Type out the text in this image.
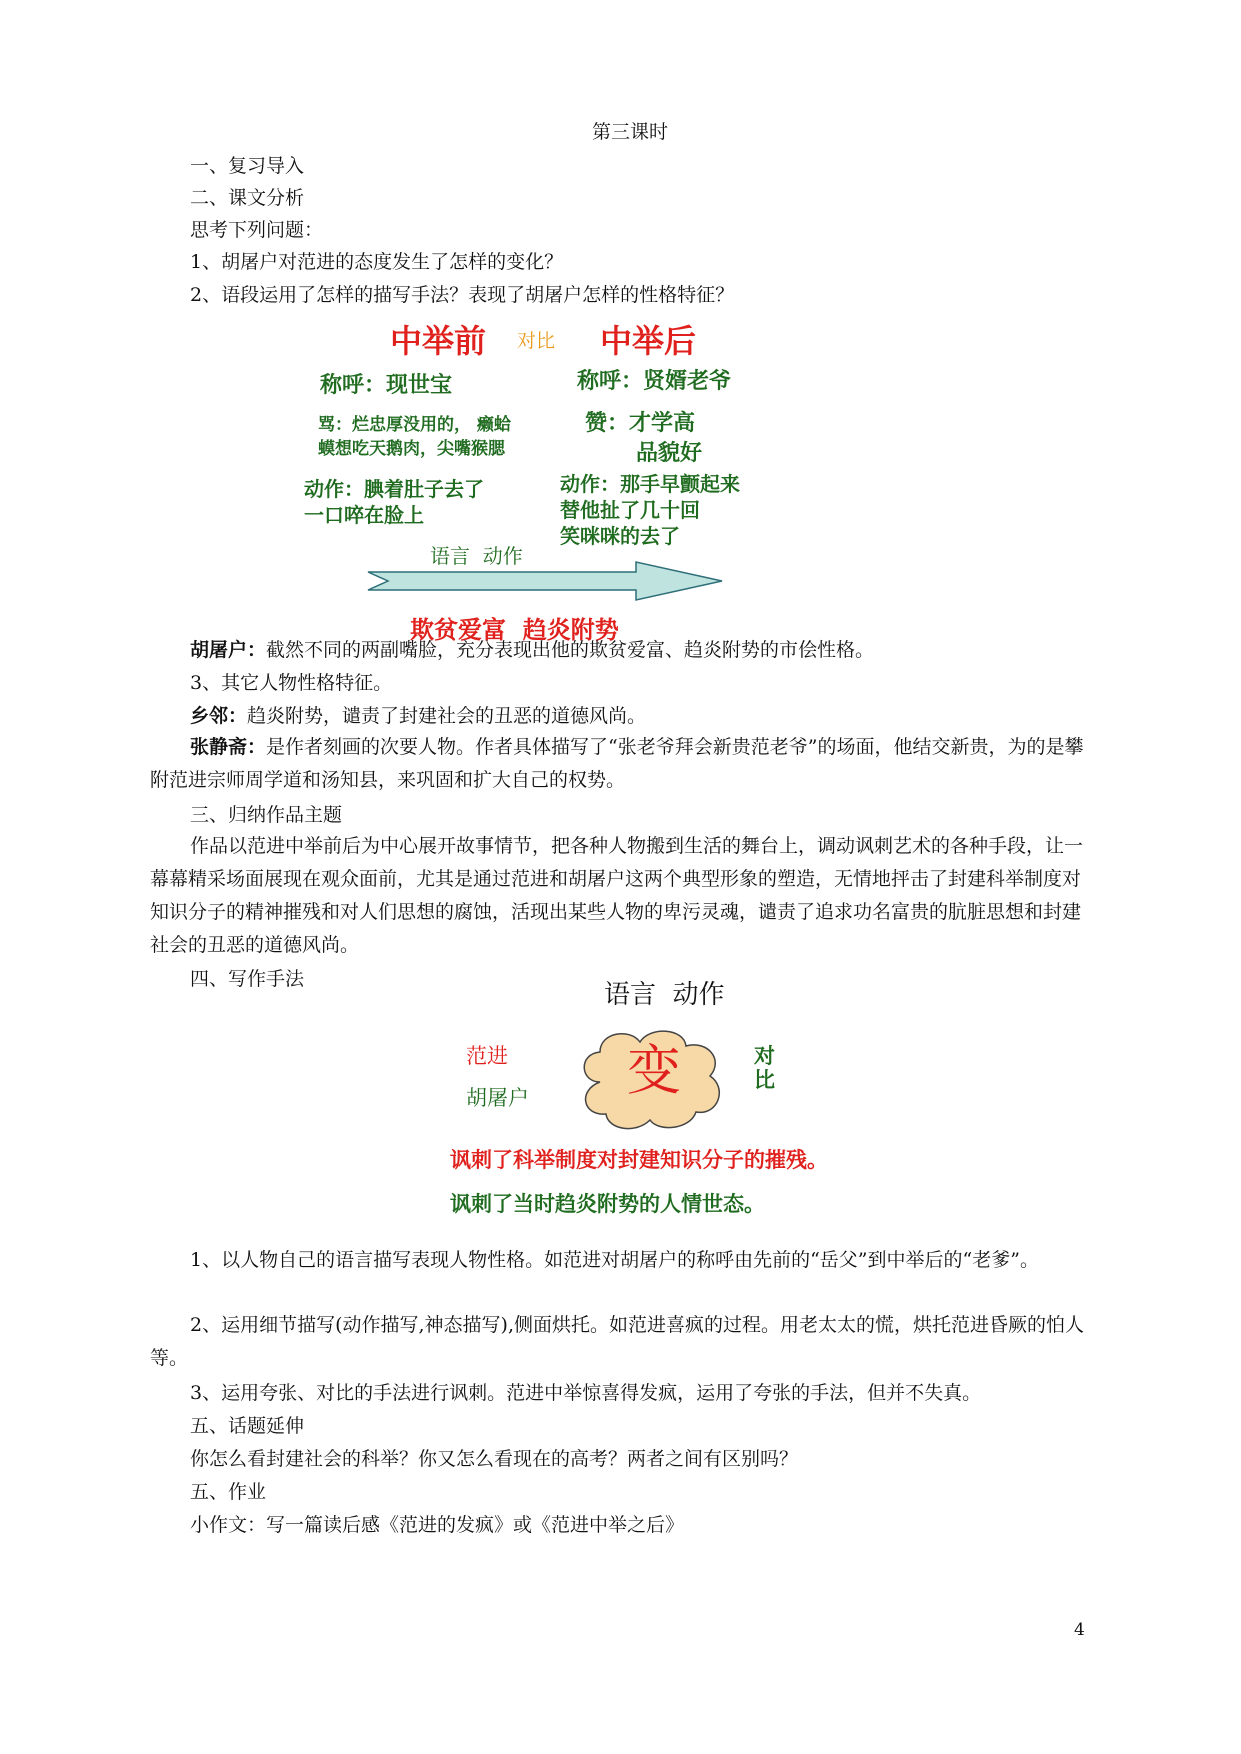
第三课时
一、复习导入
二、课文分析
思考下列问题：
1、胡屠户对范进的态度发生了怎样的变化？
2、语段运用了怎样的描写手法？表现了胡屠户怎样的性格特征？
中举前 对比 中举后
称呼：现世宝	称呼：贤婿老爷
骂：烂忠厚没用的， 癞蛤
蟆想吃天鹅肉，尖嘴猴腮
赞：才学高
品貌好
动作：腆着肚子去了
一口啐在脸上
动作：那手早颤起来
替他扯了几十回
笑咪咪的去了
语言  动作
欺贫爱富  趋炎附势
胡屠户：截然不同的两副嘴脸，充分表现出他的欺贫爱富、趋炎附势的市侩性格。
3、其它人物性格特征。
乡邻：趋炎附势，谴责了封建社会的丑恶的道德风尚。
张静斋：是作者刻画的次要人物。作者具体描写了“张老爷拜会新贵范老爷”的场面，他结交新贵，为的是攀附范进宗师周学道和汤知县，来巩固和扩大自己的权势。
三、归纳作品主题
作品以范进中举前后为中心展开故事情节，把各种人物搬到生活的舞台上，调动讽刺艺术的各种手段，让一幕幕精采场面展现在观众面前，尤其是通过范进和胡屠户这两个典型形象的塑造，无情地抨击了封建科举制度对知识分子的精神摧残和对人们思想的腐蚀，活现出某些人物的卑污灵魂，谴责了追求功名富贵的肮脏思想和封建社会的丑恶的道德风尚。
四、写作手法
语言  动作
范进
胡屠户 变	对
比
讽刺了科举制度对封建知识分子的摧残。
讽刺了当时趋炎附势的人情世态。
1、以人物自己的语言描写表现人物性格。如范进对胡屠户的称呼由先前的“岳父”到中举后的“老爹”。
2、运用细节描写(动作描写,神态描写),侧面烘托。如范进喜疯的过程。用老太太的慌，烘托范进昏厥的怕人等。
3、运用夸张、对比的手法进行讽刺。范进中举惊喜得发疯，运用了夸张的手法，但并不失真。
五、话题延伸
你怎么看封建社会的科举？你又怎么看现在的高考？两者之间有区别吗？
五、作业
小作文：写一篇读后感《范进的发疯》或《范进中举之后》
4
